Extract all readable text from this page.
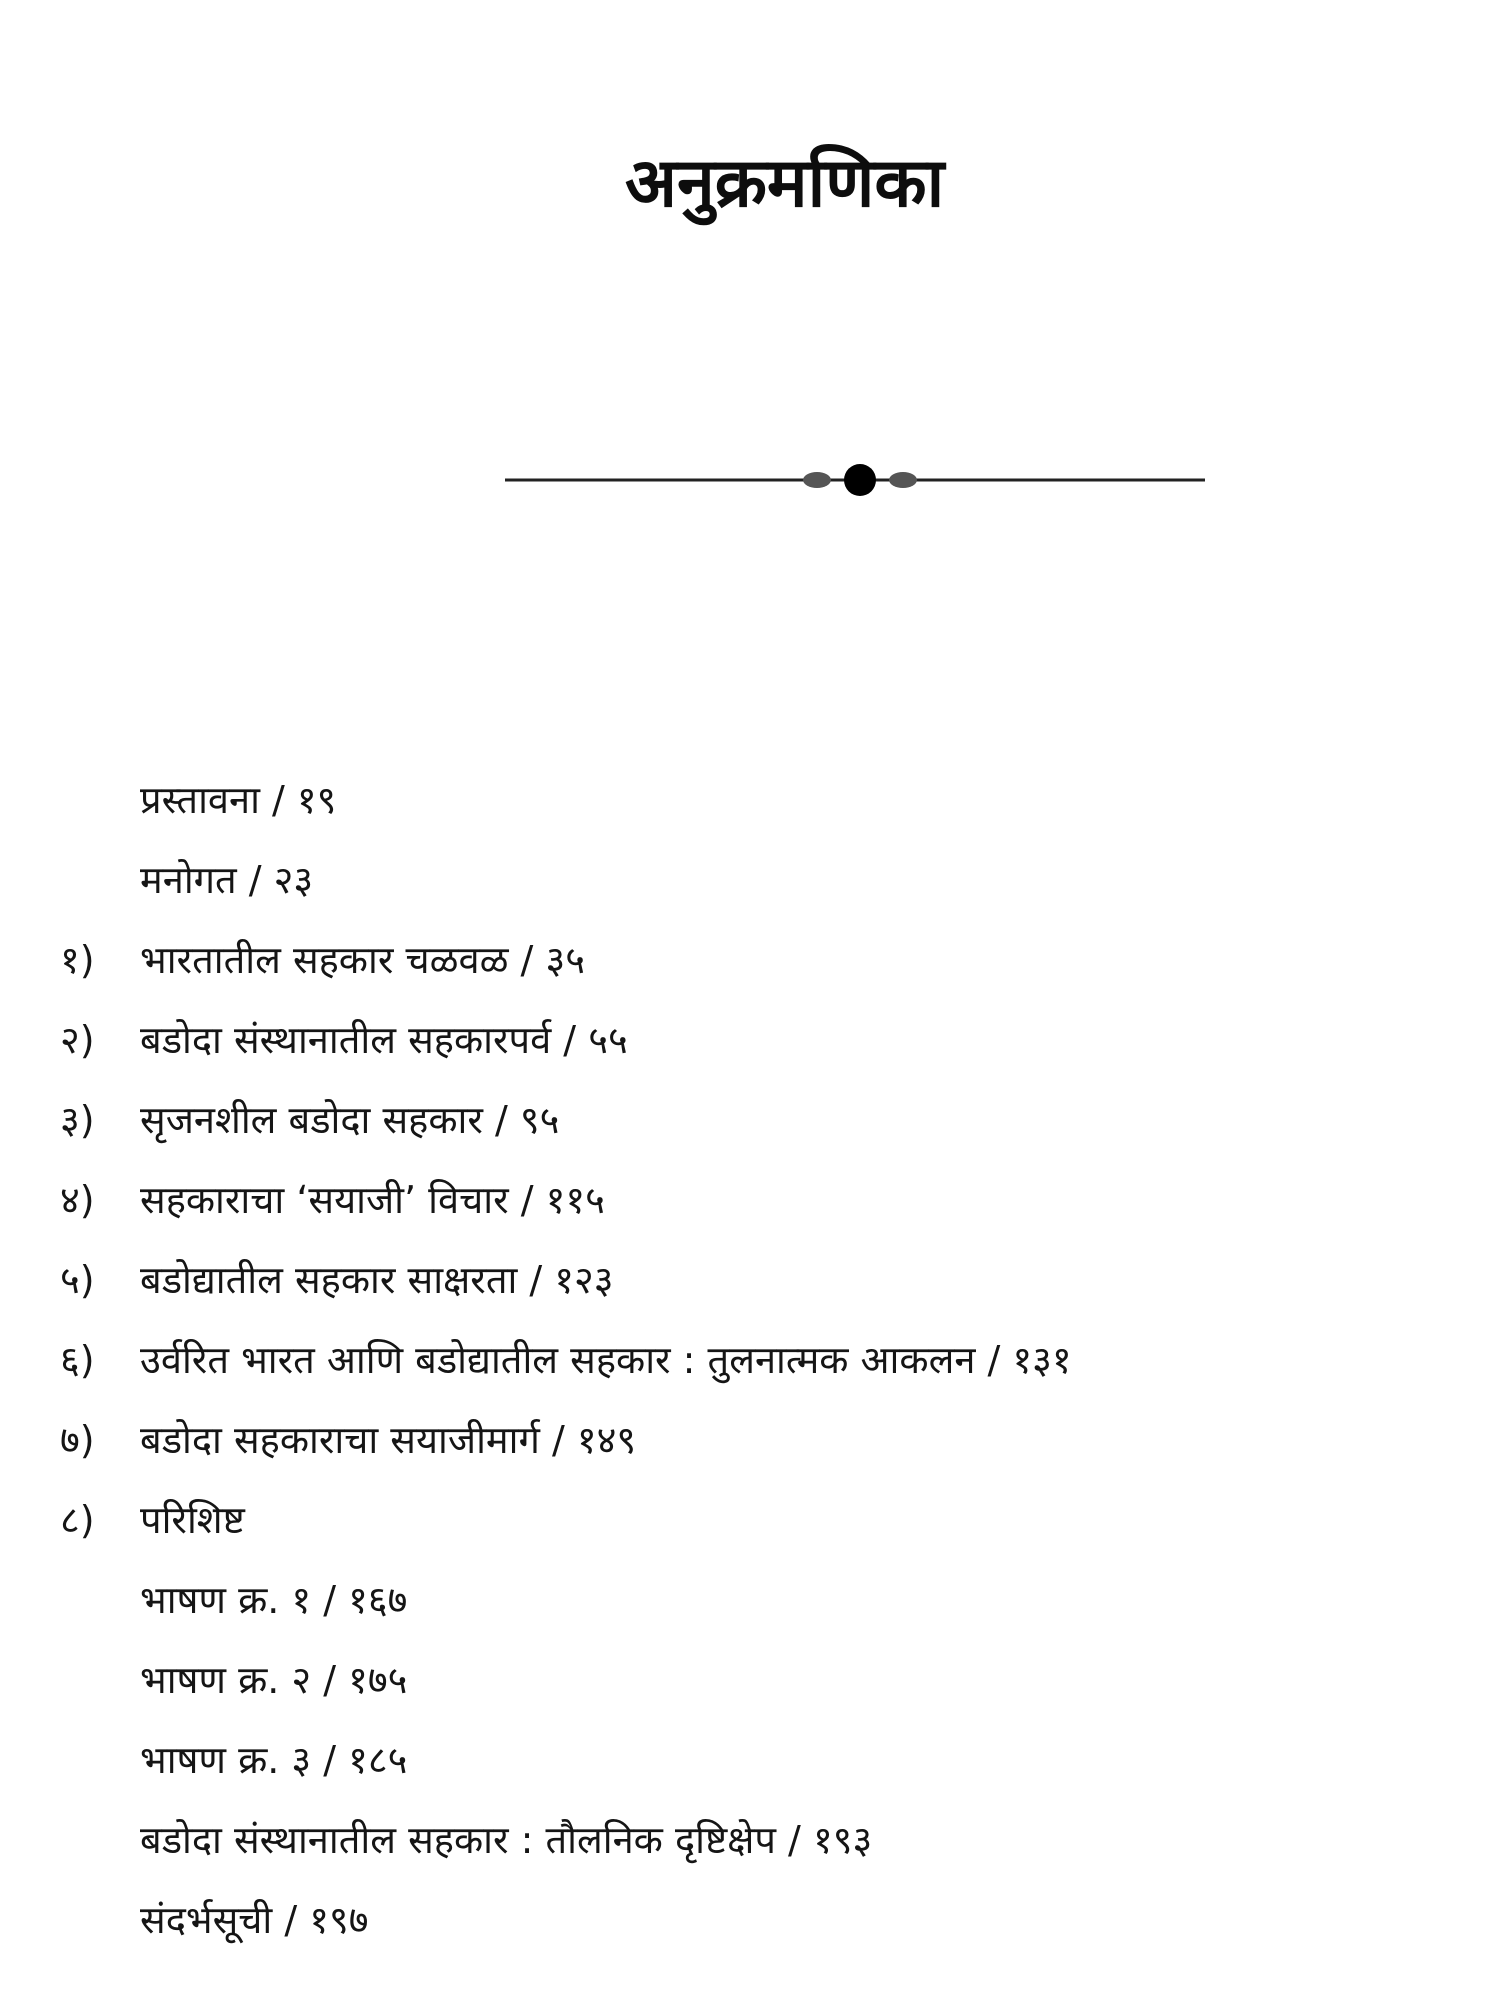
अनुक्रमणिका
प्रस्तावना / १९
मनोगत / २३
१)	भारतातील सहकार चळवळ / ३५
२)	बडोदा संस्थानातील सहकारपर्व / ५५
३)	सृजनशील बडोदा सहकार / ९५
४)	सहकाराचा ‘सयाजी’ विचार / ११५
५)	बडोद्यातील सहकार साक्षरता / १२३
६)	उर्वरित भारत आणि बडोद्यातील सहकार : तुलनात्मक आकलन / १३१
७)	बडोदा सहकाराचा सयाजीमार्ग / १४९
८)	परिशिष्ट
भाषण क्र. १ / १६७
भाषण क्र. २ / १७५
भाषण क्र. ३ / १८५
बडोदा संस्थानातील सहकार : तौलनिक दृष्टिक्षेप / १९३
संदर्भसूची / १९७
